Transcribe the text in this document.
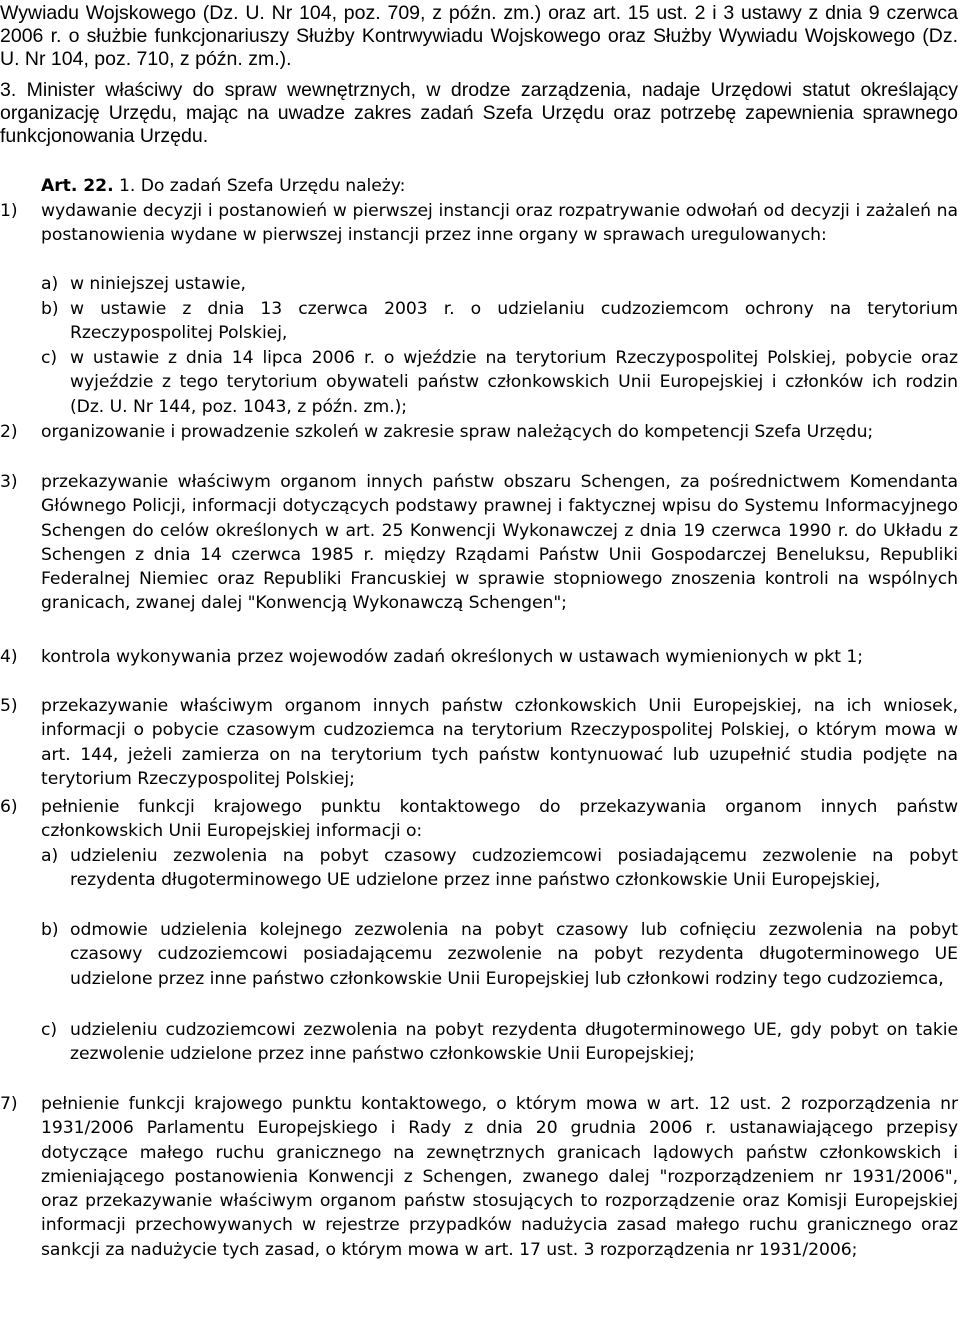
Wywiadu Wojskowego (Dz. U. Nr 104, poz. 709, z późn. zm.) oraz art. 15 ust. 2 i 3 ustawy z dnia 9 czerwca 2006 r. o służbie funkcjonariuszy Służby Kontrwywiadu Wojskowego oraz Służby Wywiadu Wojskowego (Dz. U. Nr 104, poz. 710, z późn. zm.).

3. Minister właściwy do spraw wewnętrznych, w drodze zarządzenia, nadaje Urzędowi statut określający organizację Urzędu, mając na uwadze zakres zadań Szefa Urzędu oraz potrzebę zapewnienia sprawnego funkcjonowania Urzędu.

Art. 22. 1. Do zadań Szefa Urzędu należy:

1) wydawanie decyzji i postanowień w pierwszej instancji oraz rozpatrywanie odwołań od decyzji i zażaleń na postanowienia wydane w pierwszej instancji przez inne organy w sprawach uregulowanych:

a) w niniejszej ustawie,

b) w ustawie z dnia 13 czerwca 2003 r. o udzielaniu cudzoziemcom ochrony na terytorium Rzeczypospolitej Polskiej,

c) w ustawie z dnia 14 lipca 2006 r. o wjeździe na terytorium Rzeczypospolitej Polskiej, pobycie oraz wyjeździe z tego terytorium obywateli państw członkowskich Unii Europejskiej i członków ich rodzin (Dz. U. Nr 144, poz. 1043, z późn. zm.);

2) organizowanie i prowadzenie szkoleń w zakresie spraw należących do kompetencji Szefa Urzędu;

3) przekazywanie właściwym organom innych państw obszaru Schengen, za pośrednictwem Komendanta Głównego Policji, informacji dotyczących podstawy prawnej i faktycznej wpisu do Systemu Informacyjnego Schengen do celów określonych w art. 25 Konwencji Wykonawczej z dnia 19 czerwca 1990 r. do Układu z Schengen z dnia 14 czerwca 1985 r. między Rządami Państw Unii Gospodarczej Beneluksu, Republiki Federalnej Niemiec oraz Republiki Francuskiej w sprawie stopniowego znoszenia kontroli na wspólnych granicach, zwanej dalej "Konwencją Wykonawczą Schengen";

4) kontrola wykonywania przez wojewodów zadań określonych w ustawach wymienionych w pkt 1;

5) przekazywanie właściwym organom innych państw członkowskich Unii Europejskiej, na ich wniosek, informacji o pobycie czasowym cudzoziemca na terytorium Rzeczypospolitej Polskiej, o którym mowa w art. 144, jeżeli zamierza on na terytorium tych państw kontynuować lub uzupełnić studia podjęte na terytorium Rzeczypospolitej Polskiej;

6) pełnienie funkcji krajowego punktu kontaktowego do przekazywania organom innych państw członkowskich Unii Europejskiej informacji o:

a) udzieleniu zezwolenia na pobyt czasowy cudzoziemcowi posiadającemu zezwolenie na pobyt rezydenta długoterminowego UE udzielone przez inne państwo członkowskie Unii Europejskiej,

b) odmowie udzielenia kolejnego zezwolenia na pobyt czasowy lub cofnięciu zezwolenia na pobyt czasowy cudzoziemcowi posiadającemu zezwolenie na pobyt rezydenta długoterminowego UE udzielone przez inne państwo członkowskie Unii Europejskiej lub członkowi rodziny tego cudzoziemca,

c) udzieleniu cudzoziemcowi zezwolenia na pobyt rezydenta długoterminowego UE, gdy pobyt on takie zezwolenie udzielone przez inne państwo członkowskie Unii Europejskiej;

7) pełnienie funkcji krajowego punktu kontaktowego, o którym mowa w art. 12 ust. 2 rozporządzenia nr 1931/2006 Parlamentu Europejskiego i Rady z dnia 20 grudnia 2006 r. ustanawiającego przepisy dotyczące małego ruchu granicznego na zewnętrznych granicach lądowych państw członkowskich i zmieniającego postanowienia Konwencji z Schengen, zwanego dalej "rozporządzeniem nr 1931/2006", oraz przekazywanie właściwym organom państw stosujących to rozporządzenie oraz Komisji Europejskiej informacji przechowywanych w rejestrze przypadków nadużycia zasad małego ruchu granicznego oraz sankcji za nadużycie tych zasad, o którym mowa w art. 17 ust. 3 rozporządzenia nr 1931/2006;
